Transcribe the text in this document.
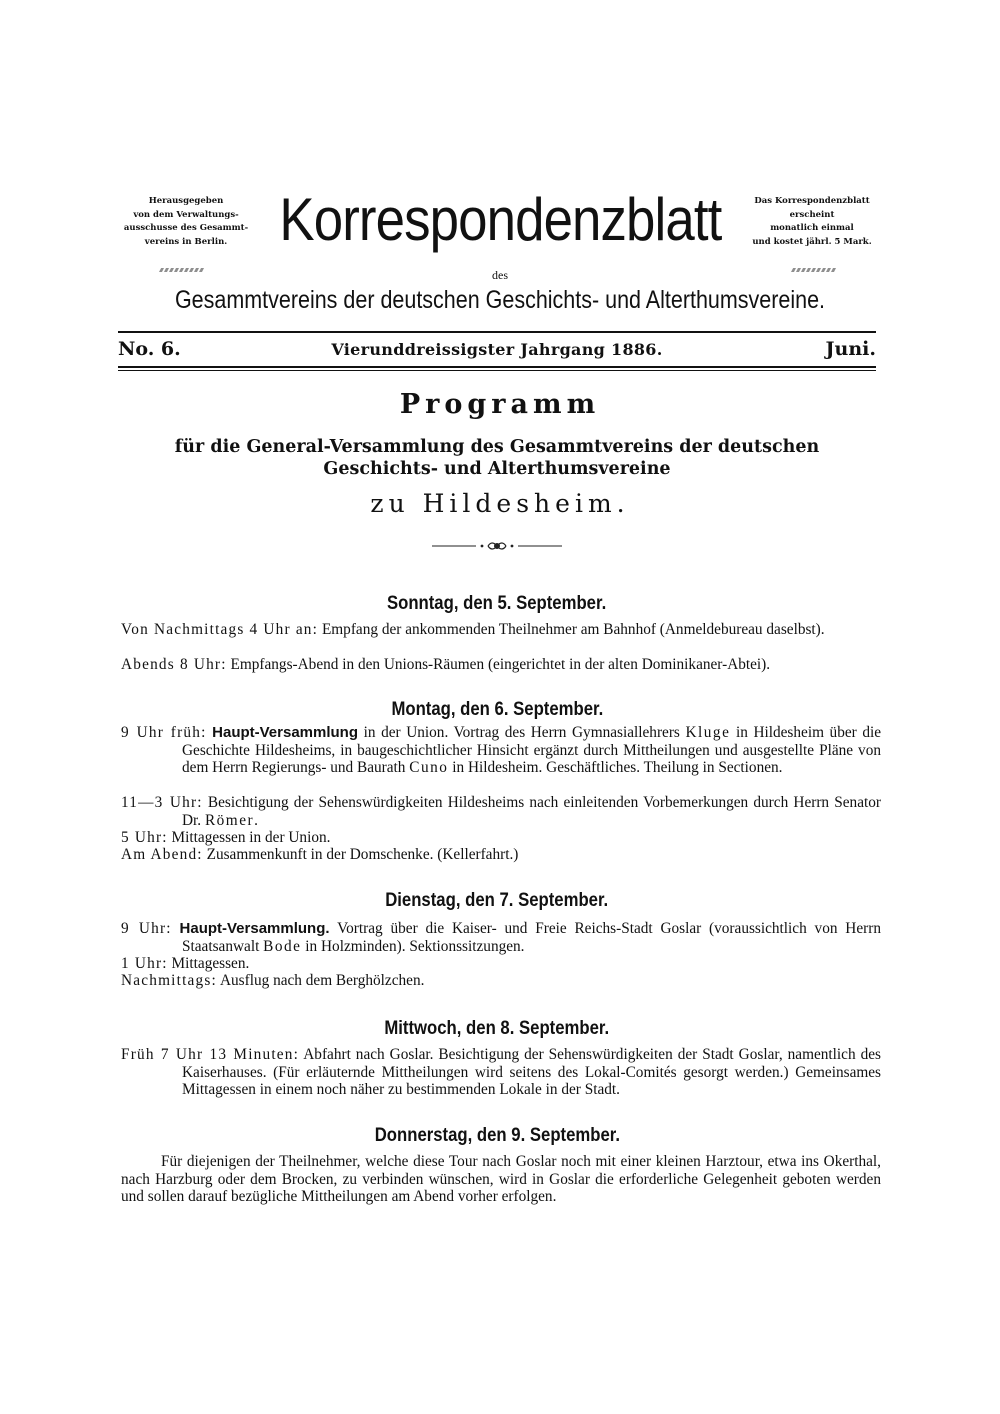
Herausgegeben
von dem Verwaltungs-
ausschusse des Gesammt-
vereins in Berlin. Korrespondenzblatt	Das Korrespondenzblatt
erscheint
monatlich einmal
und kostet jährl. 5 Mark.
des
Gesammtvereins der deutschen Geschichts- und Alterthumsvereine.
No. 6.	Vierunddreissigster Jahrgang 1886.	Juni.
Programm
für die General-Versammlung des Gesammtvereins der deutschen
Geschichts- und Alterthumsvereine
zu Hildesheim.
Sonntag, den 5. September.
Von Nachmittags 4 Uhr an: Empfang der ankommenden Theilnehmer am Bahnhof (Anmeldebureau daselbst).
Abends 8 Uhr: Empfangs-Abend in den Unions-Räumen (eingerichtet in der alten Dominikaner-Abtei).
Montag, den 6. September.
9 Uhr früh: Haupt-Versammlung in der Union. Vortrag des Herrn Gymnasiallehrers Kluge in Hildesheim über die Geschichte Hildesheims, in baugeschichtlicher Hinsicht ergänzt durch Mittheilungen und ausgestellte Pläne von dem Herrn Regierungs- und Baurath Cuno in Hildesheim. Geschäftliches. Theilung in Sectionen.
11—3 Uhr: Besichtigung der Sehenswürdigkeiten Hildesheims nach einleitenden Vorbemerkungen durch Herrn Senator Dr. Römer.
5 Uhr: Mittagessen in der Union.
Am Abend: Zusammenkunft in der Domschenke. (Kellerfahrt.)
Dienstag, den 7. September.
9 Uhr: Haupt-Versammlung. Vortrag über die Kaiser- und Freie Reichs-Stadt Goslar (voraussichtlich von Herrn Staatsanwalt Bode in Holzminden). Sektionssitzungen.
1 Uhr: Mittagessen.
Nachmittags: Ausflug nach dem Berghölzchen.
Mittwoch, den 8. September.
Früh 7 Uhr 13 Minuten: Abfahrt nach Goslar. Besichtigung der Sehenswürdigkeiten der Stadt Goslar, namentlich des Kaiserhauses. (Für erläuternde Mittheilungen wird seitens des Lokal-Comités gesorgt werden.) Gemeinsames Mittagessen in einem noch näher zu bestimmenden Lokale in der Stadt.
Donnerstag, den 9. September.
Für diejenigen der Theilnehmer, welche diese Tour nach Goslar noch mit einer kleinen Harztour, etwa ins Okerthal, nach Harzburg oder dem Brocken, zu verbinden wünschen, wird in Goslar die erforderliche Gelegenheit geboten werden und sollen darauf bezügliche Mittheilungen am Abend vorher erfolgen.
